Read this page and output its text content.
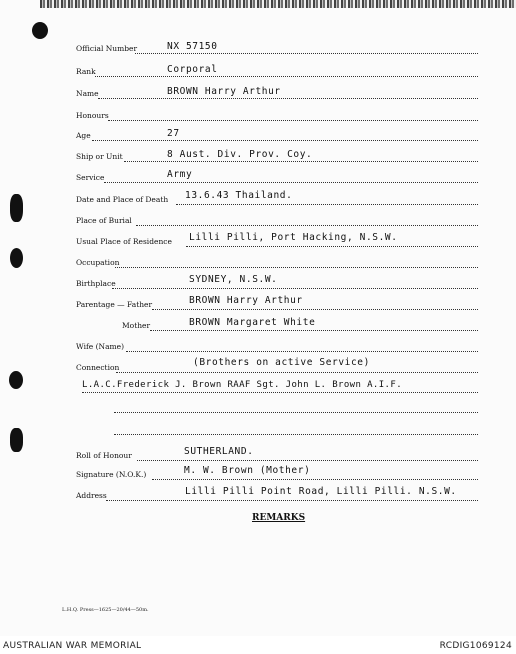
Official Number	NX 57150
Rank	Corporal
Name	BROWN Harry Arthur
Honours
Age	27
Ship or Unit	8 Aust. Div. Prov. Coy.
Service	Army
Date and Place of Death 13.6.43 Thailand.
Place of Burial
Usual Place of Residence Lilli Pilli, Port Hacking, N.S.W.
Occupation
Birthplace	SYDNEY, N.S.W.
Parentage — Father	BROWN Harry Arthur
Mother	BROWN Margaret White
Wife (Name)
Connection	(Brothers on active Service)
L.A.C.Frederick J. Brown RAAF Sgt. John L. Brown A.I.F.
Roll of Honour	SUTHERLAND.
Signature (N.O.K.)	M. W. Brown (Mother)
Address	Lilli Pilli Point Road, Lilli Pilli. N.S.W.
REMARKS
L.H.Q. Press—1625—20/44—50m.
AUSTRALIAN WAR MEMORIAL	RCDIG1069124
